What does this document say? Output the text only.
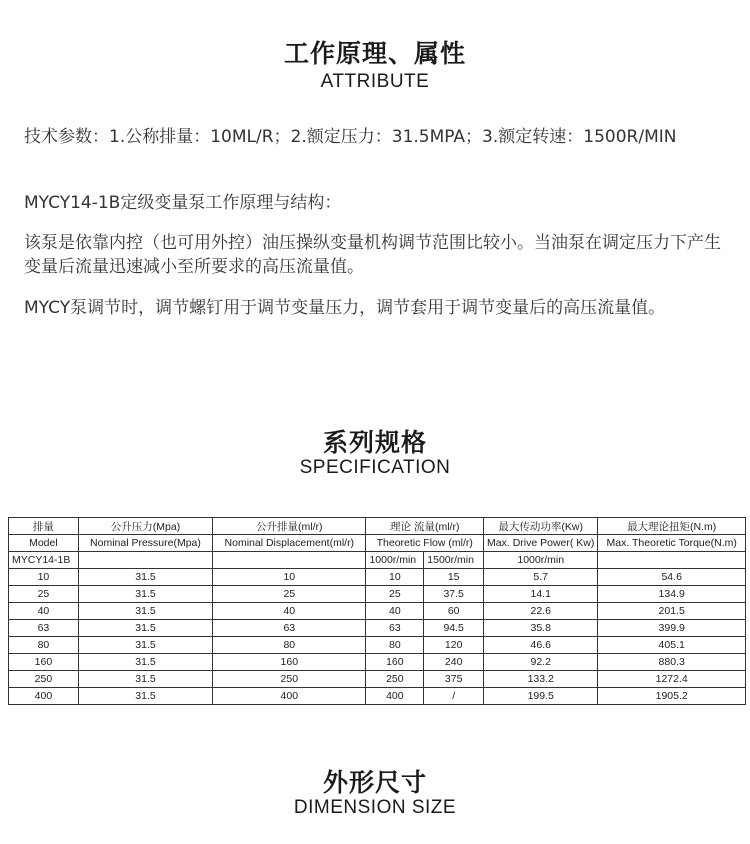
工作原理、属性
ATTRIBUTE

技术参数：1.公称排量：10ML/R；2.额定压力：31.5MPA；3.额定转速：1500R/MIN

MYCY14-1B定级变量泵工作原理与结构：

该泵是依靠内控（也可用外控）油压操纵变量机构调节范围比较小。当油泵在调定压力下产生变量后流量迅速减小至所要求的高压流量值。

MYCY泵调节时，调节螺钉用于调节变量压力，调节套用于调节变量后的高压流量值。

系列规格
SPECIFICATION
排量	公升压力(Mpa)	公升排量(ml/r)	理论 流量(ml/r)		最大传动功率(Kw)	最大理论扭矩(N.m)
Model	Nominal Pressure(Mpa)	Nominal Displacement(ml/r)	Theoretic Flow (ml/r)		Max. Drive Power( Kw)	Max. Theoretic Torque(N.m)
MYCY14-1B			1000r/min	1500r/min	1000r/min	
10	31.5	10	10	15	5.7	54.6
25	31.5	25	25	37.5	14.1	134.9
40	31.5	40	40	60	22.6	201.5
63	31.5	63	63	94.5	35.8	399.9
80	31.5	80	80	120	46.6	405.1
160	31.5	160	160	240	92.2	880.3
250	31.5	250	250	375	133.2	1272.4
400	31.5	400	400	/	199.5	1905.2
外形尺寸
DIMENSION SIZE
